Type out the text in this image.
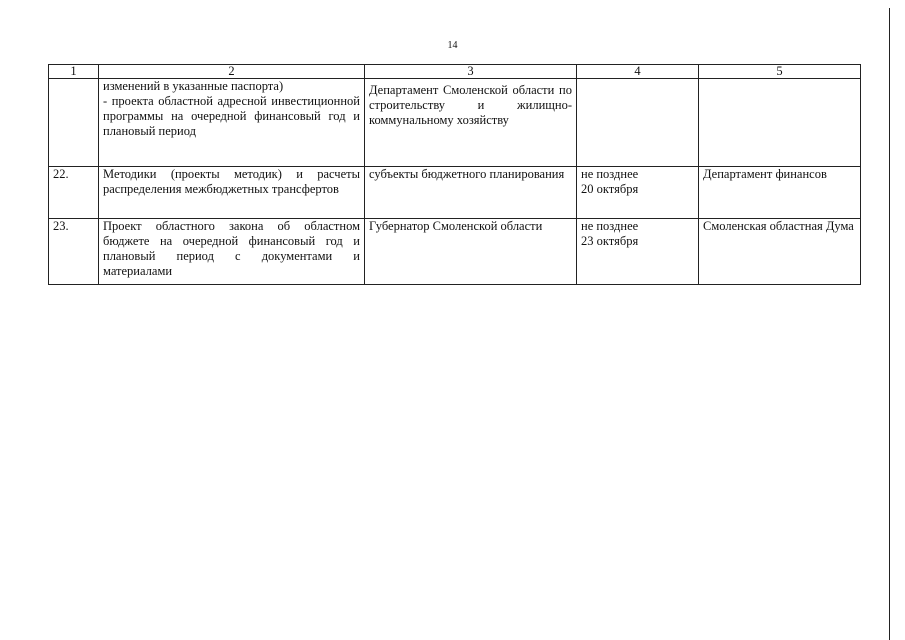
14
1	2	3	4	5

	изменений в указанные паспорта)
- проекта областной адресной инвестиционной программы на очередной финансовый год и плановый период	Департамент Смоленской области по строительству и жилищно-коммунальному хозяйству		

22.	Методики (проекты методик) и расчеты распределения межбюджетных трансфертов	субъекты бюджетного планирования	не позднее
20 октября	Департамент финансов
23.	Проект областного закона об областном бюджете на очередной финансовый год и плановый период с документами и материалами	Губернатор Смоленской области	не позднее
23 октября	Смоленская областная Дума
